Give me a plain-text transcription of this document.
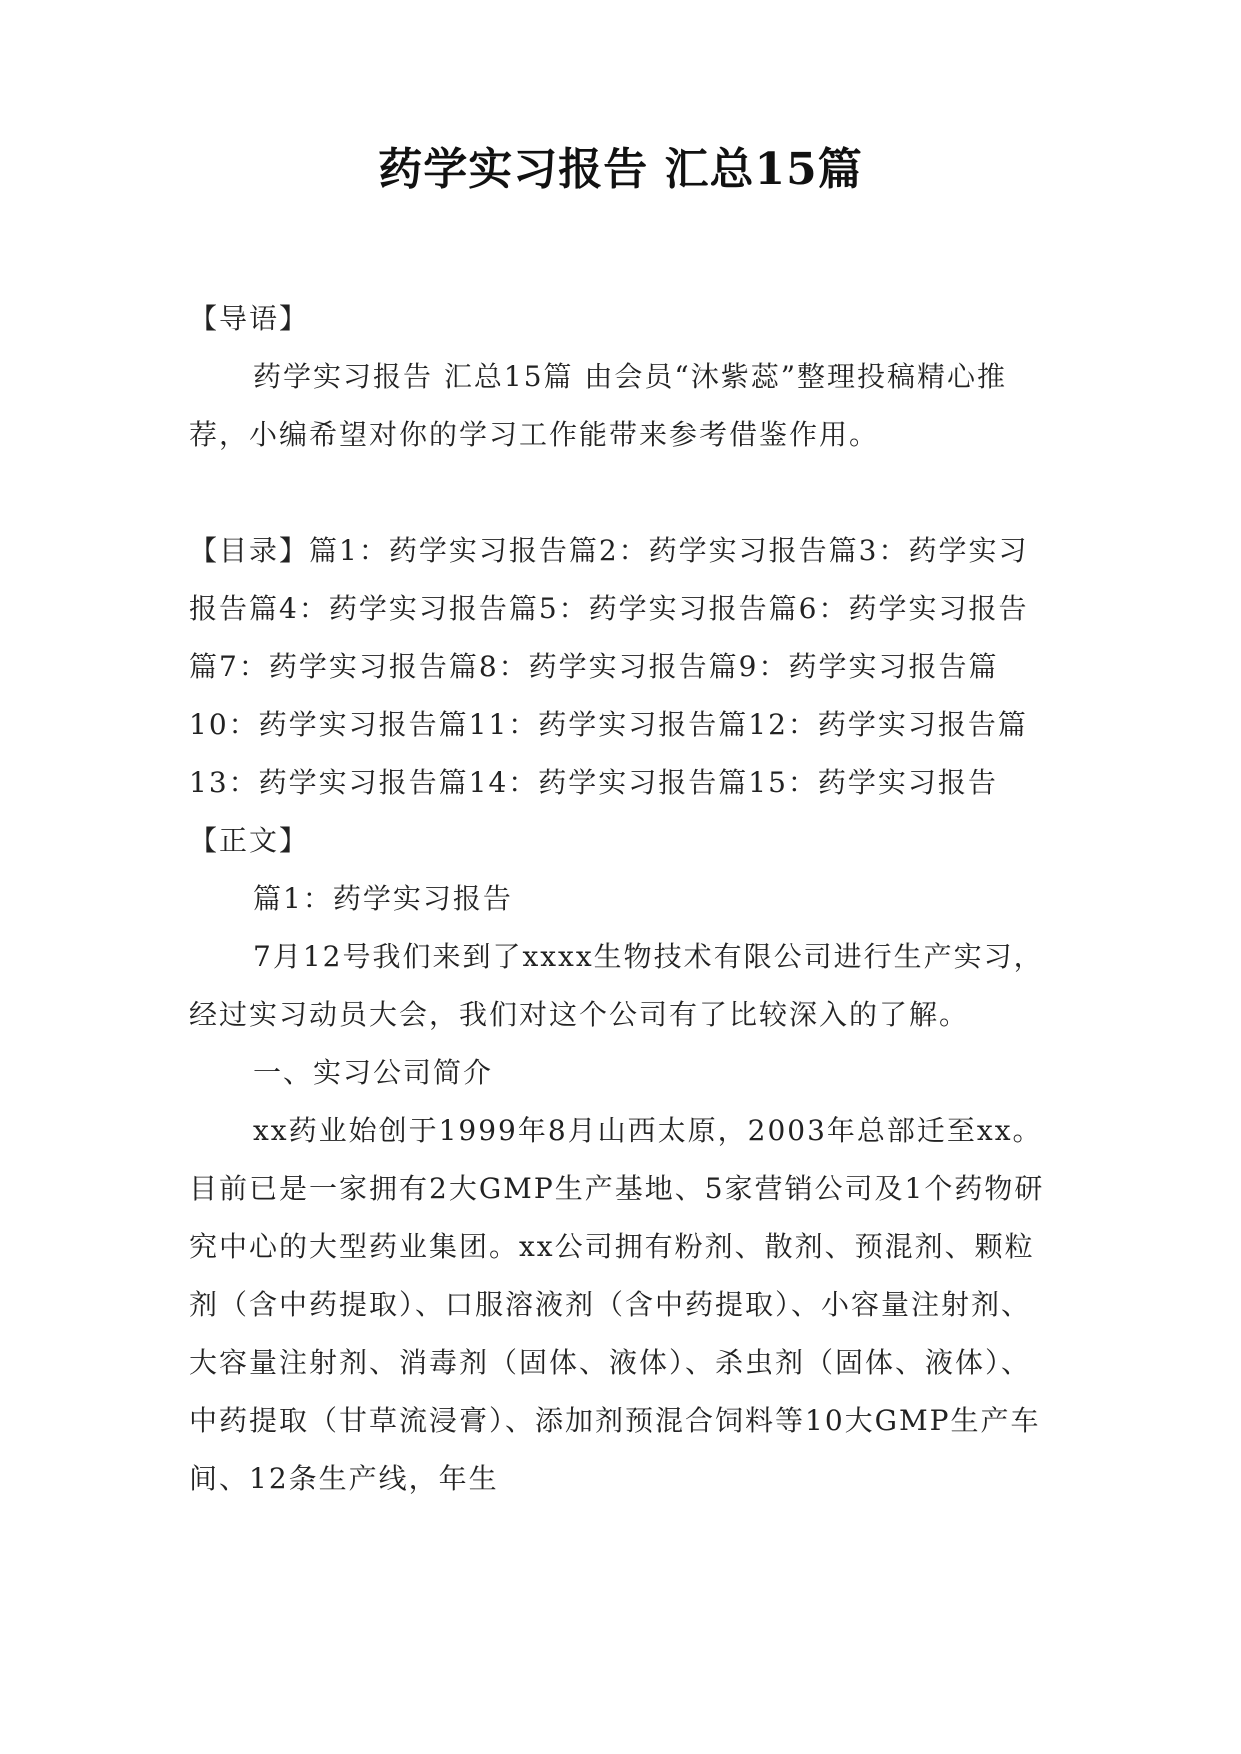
药学实习报告 汇总15篇

【导语】

药学实习报告 汇总15篇 由会员“沐紫蕊”整理投稿精心推荐，小编希望对你的学习工作能带来参考借鉴作用。

【目录】篇1：药学实习报告篇2：药学实习报告篇3：药学实习报告篇4：药学实习报告篇5：药学实习报告篇6：药学实习报告篇7：药学实习报告篇8：药学实习报告篇9：药学实习报告篇10：药学实习报告篇11：药学实习报告篇12：药学实习报告篇13：药学实习报告篇14：药学实习报告篇15：药学实习报告【正文】

篇1：药学实习报告

7月12号我们来到了xxxx生物技术有限公司进行生产实习，经过实习动员大会，我们对这个公司有了比较深入的了解。

一、实习公司简介

xx药业始创于1999年8月山西太原，2003年总部迁至xx。目前已是一家拥有2大GMP生产基地、5家营销公司及1个药物研究中心的大型药业集团。xx公司拥有粉剂、散剂、预混剂、颗粒剂（含中药提取）、口服溶液剂（含中药提取）、小容量注射剂、大容量注射剂、消毒剂（固体、液体）、杀虫剂（固体、液体）、中药提取（甘草流浸膏）、添加剂预混合饲料等10大GMP生产车间、12条生产线，年生
